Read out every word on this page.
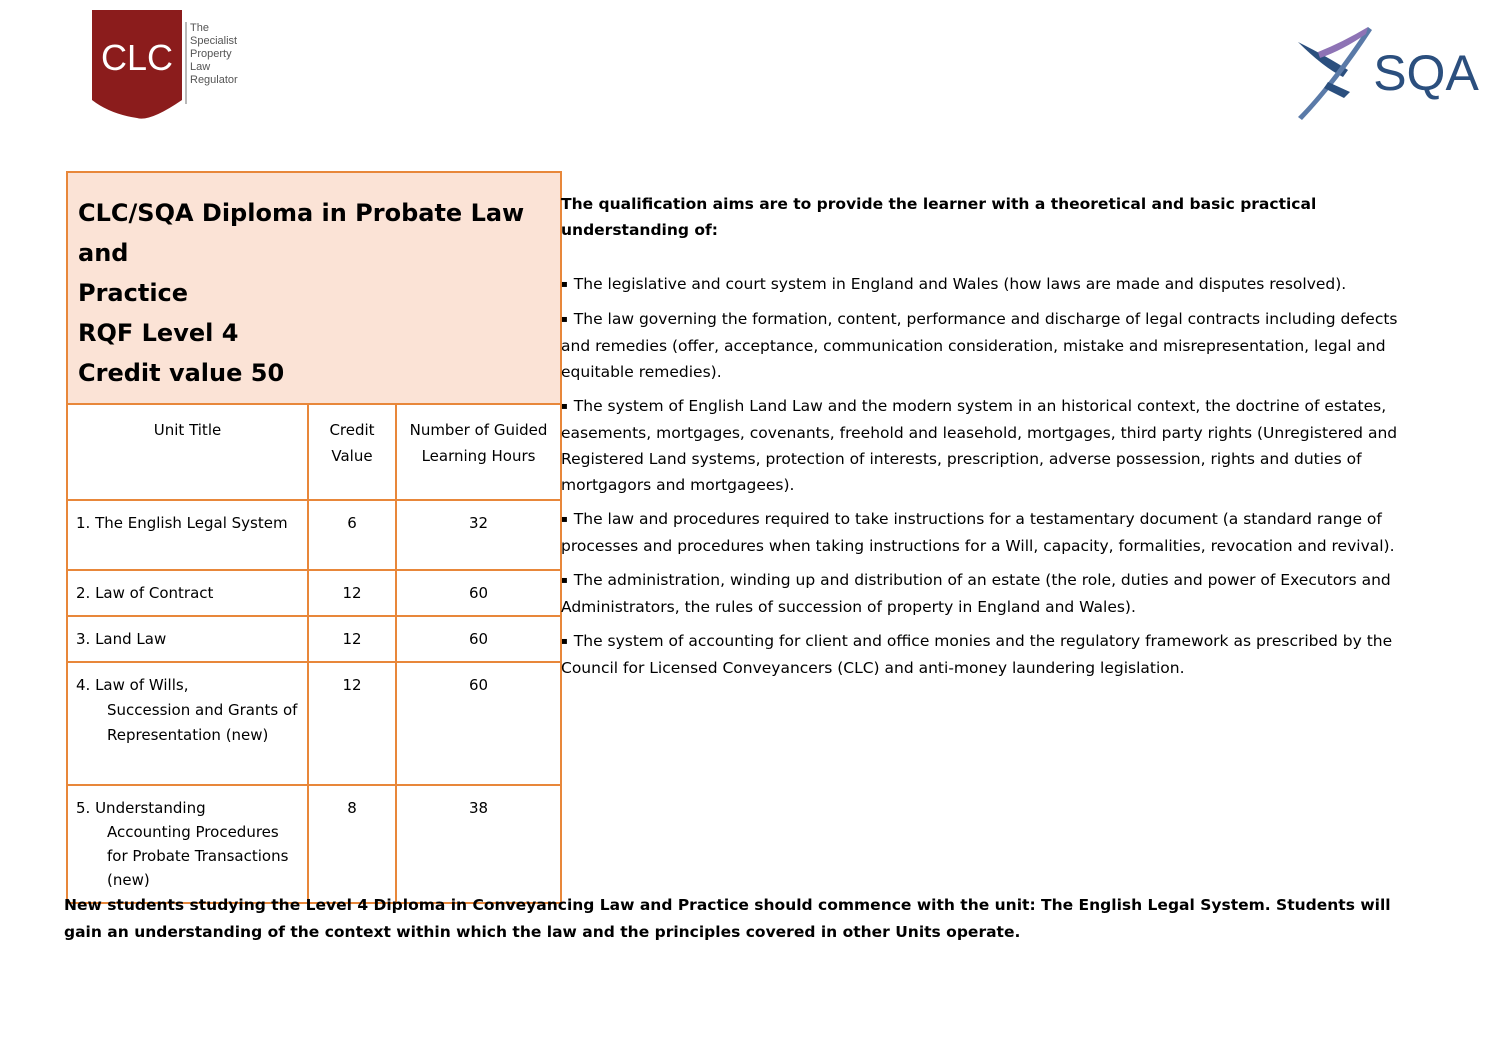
CLC
The
Specialist
Property
Law
Regulator	SQA
CLC/SQA Diploma in Probate Law and
Practice
RQF Level 4
Credit value 50		

Unit Title	Credit Value	Number of Guided Learning Hours
1. The English Legal System	6	32
2. Law of Contract	12	60
3. Land Law	12	60
4. Law of Wills,
Succession and Grants of Representation (new)	12	60
5. Understanding
Accounting Procedures for Probate Transactions (new)	8	38
The qualification aims are to provide the learner with a theoretical and basic practical understanding of:
▪ The legislative and court system in England and Wales (how laws are made and disputes resolved).
▪ The law governing the formation, content, performance and discharge of legal contracts including defects and remedies (offer, acceptance, communication consideration, mistake and misrepresentation, legal and equitable remedies).
▪ The system of English Land Law and the modern system in an historical context, the doctrine of estates, easements, mortgages, covenants, freehold and leasehold, mortgages, third party rights (Unregistered and Registered Land systems, protection of interests, prescription, adverse possession, rights and duties of mortgagors and mortgagees).
▪ The law and procedures required to take instructions for a testamentary document (a standard range of processes and procedures when taking instructions for a Will, capacity, formalities, revocation and revival).
▪ The administration, winding up and distribution of an estate (the role, duties and power of Executors and Administrators, the rules of succession of property in England and Wales).
▪ The system of accounting for client and office monies and the regulatory framework as prescribed by the Council for Licensed Conveyancers (CLC) and anti-money laundering legislation.
New students studying the Level 4 Diploma in Conveyancing Law and Practice should commence with the unit: The English Legal System. Students will gain an understanding of the context within which the law and the principles covered in other Units operate.
